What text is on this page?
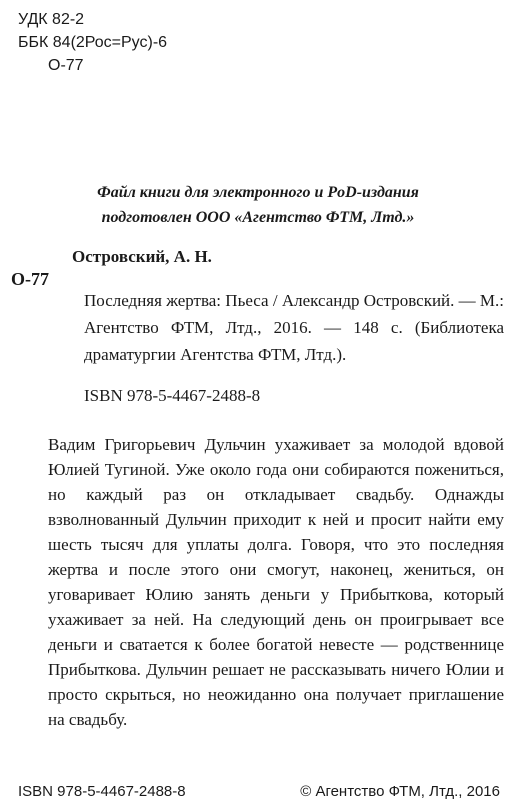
УДК 82-2
ББК 84(2Рос=Рус)-6
О-77
Файл книги для электронного и PoD-издания
подготовлен ООО «Агентство ФТМ, Лтд.»
Островский, А. Н.
О-77
Последняя жертва: Пьеса / Александр Островский. — М.: Агентство ФТМ, Лтд., 2016. — 148 с. (Библиотека драматургии Агентства ФТМ, Лтд.).
ISBN 978-5-4467-2488-8
Вадим Григорьевич Дульчин ухаживает за молодой вдовой Юлией Тугиной. Уже около года они собираются пожениться, но каждый раз он откладывает свадьбу. Однажды взволнованный Дульчин приходит к ней и просит найти ему шесть тысяч для уплаты долга. Говоря, что это последняя жертва и после этого они смогут, наконец, жениться, он уговаривает Юлию занять деньги у Прибыткова, который ухаживает за ней. На следующий день он проигрывает все деньги и сватается к более богатой невесте — родственнице Прибыткова. Дульчин решает не рассказывать ничего Юлии и просто скрыться, но неожиданно она получает приглашение на свадьбу.
ISBN 978-5-4467-2488-8	© Агентство ФТМ, Лтд., 2016
